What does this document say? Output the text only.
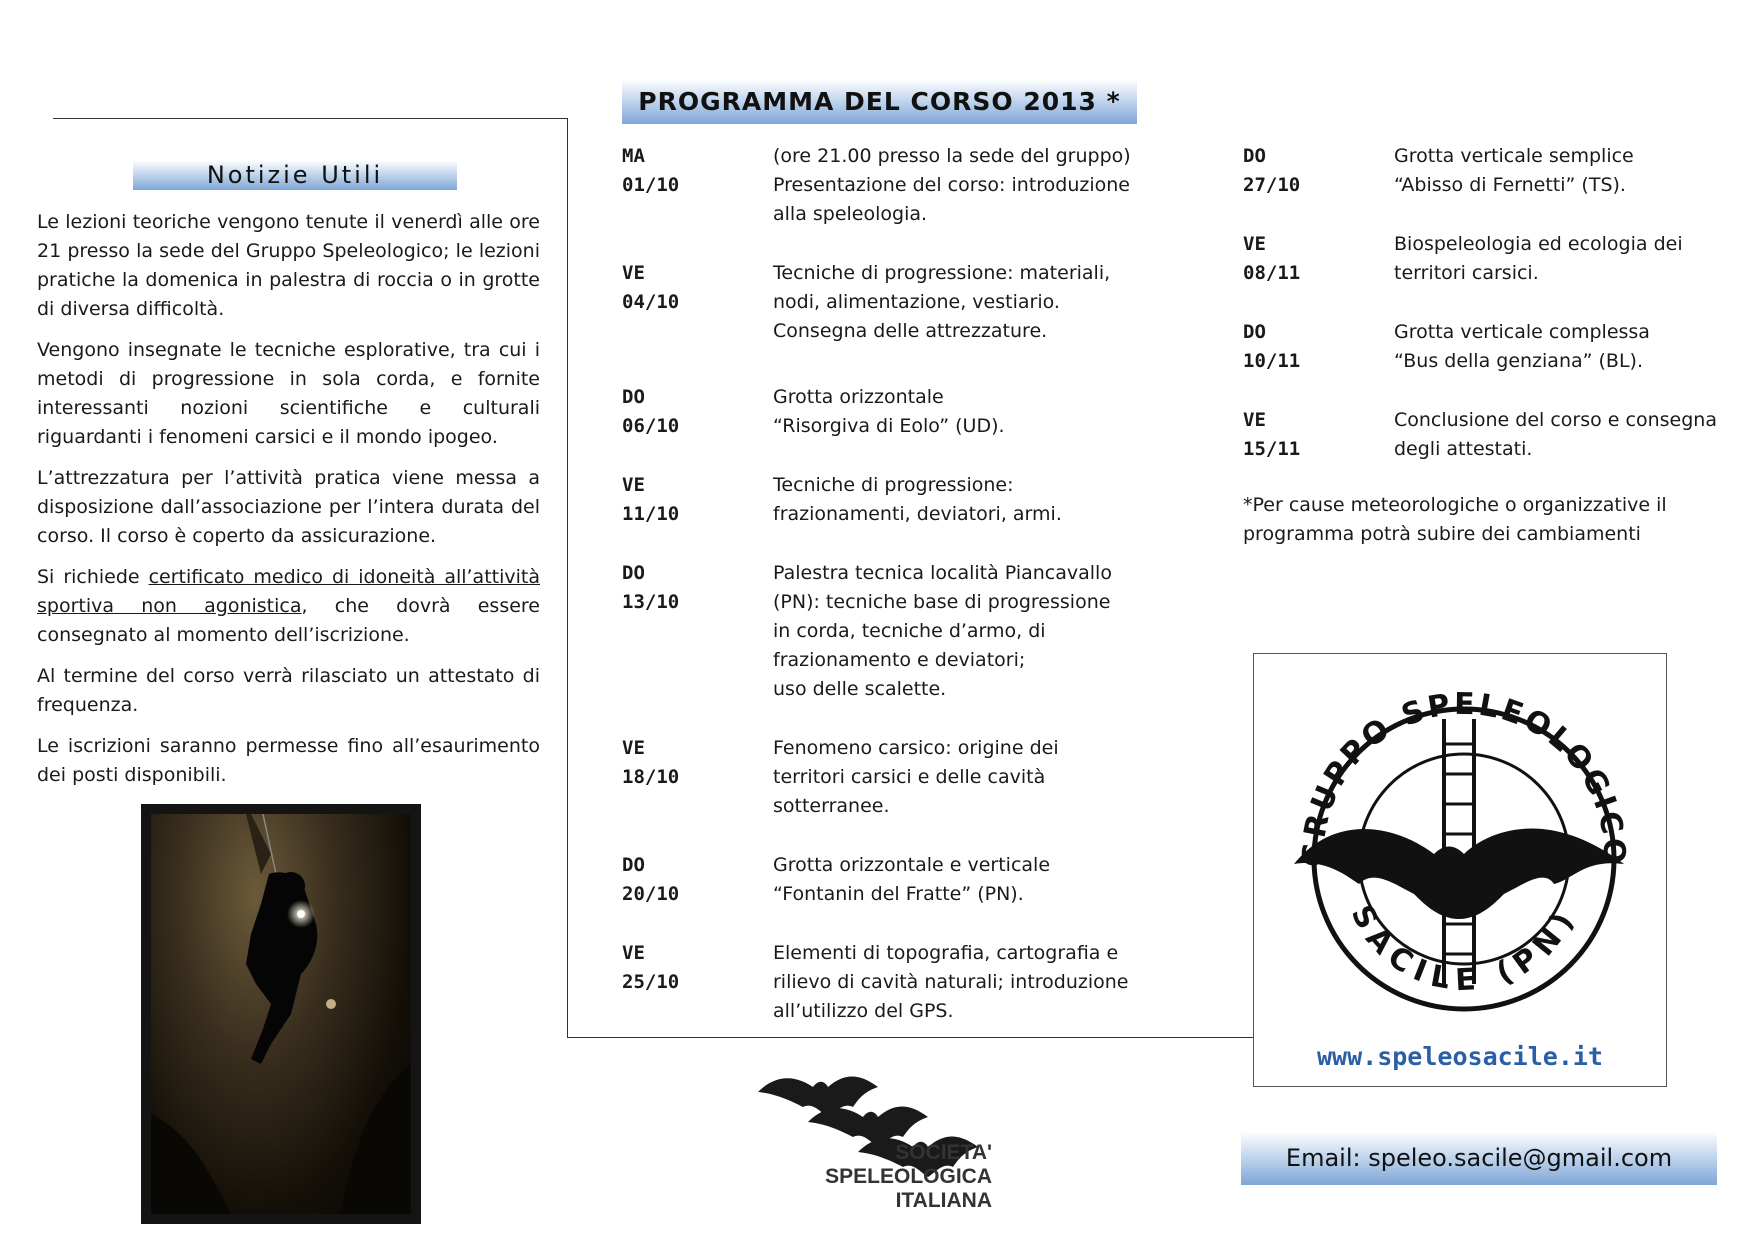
Notizie Utili

Le lezioni teoriche vengono tenute il venerdì alle ore 21 presso la sede del Gruppo Speleologico; le lezioni pratiche la domenica in palestra di roccia o in grotte di diversa difficoltà.

Vengono insegnate le tecniche esplorative, tra cui i metodi di progressione in sola corda, e fornite interessanti nozioni scientifiche e culturali riguardanti i fenomeni carsici e il mondo ipogeo.

L’attrezzatura per l’attività pratica viene messa a disposizione dall’associazione per l’intera durata del corso. Il corso è coperto da assicurazione.

Si richiede certificato medico di idoneità all’attività sportiva non agonistica, che dovrà essere consegnato al momento dell’iscrizione.

Al termine del corso verrà rilasciato un attestato di frequenza.

Le iscrizioni saranno permesse fino all’esaurimento dei posti disponibili.

PROGRAMMA DEL CORSO 2013 *
MA 01/10
(ore 21.00 presso la sede del gruppo)
Presentazione del corso: introduzione
alla speleologia.
VE 04/10
Tecniche di progressione: materiali,
nodi, alimentazione, vestiario.
Consegna delle attrezzature.
DO 06/10
Grotta orizzontale
“Risorgiva di Eolo” (UD).
VE 11/10
Tecniche di progressione:
frazionamenti, deviatori, armi.
DO 13/10
Palestra tecnica località Piancavallo
(PN): tecniche base di progressione
in corda, tecniche d’armo, di
frazionamento e deviatori;
uso delle scalette.
VE 18/10
Fenomeno carsico: origine dei
territori carsici e delle cavità
sotterranee.
DO 20/10
Grotta orizzontale e verticale
“Fontanin del Fratte” (PN).
VE 25/10
Elementi di topografia, cartografia e
rilievo di cavità naturali; introduzione
all’utilizzo del GPS.
DO 27/10
Grotta verticale semplice
“Abisso di Fernetti” (TS).
VE 08/11
Biospeleologia ed ecologia dei
territori carsici.
DO 10/11
Grotta verticale complessa
“Bus della genziana” (BL).
VE 15/11
Conclusione del corso e consegna
degli attestati.
*Per cause meteorologiche o organizzative il
programma potrà subire dei cambiamenti
GRUPPO SPELEOLOGICO
SACILE (PN)
www.speleosacile.it
Email: speleo.sacile@gmail.com
SOCIETA'
SPELEOLOGICA
ITALIANA
